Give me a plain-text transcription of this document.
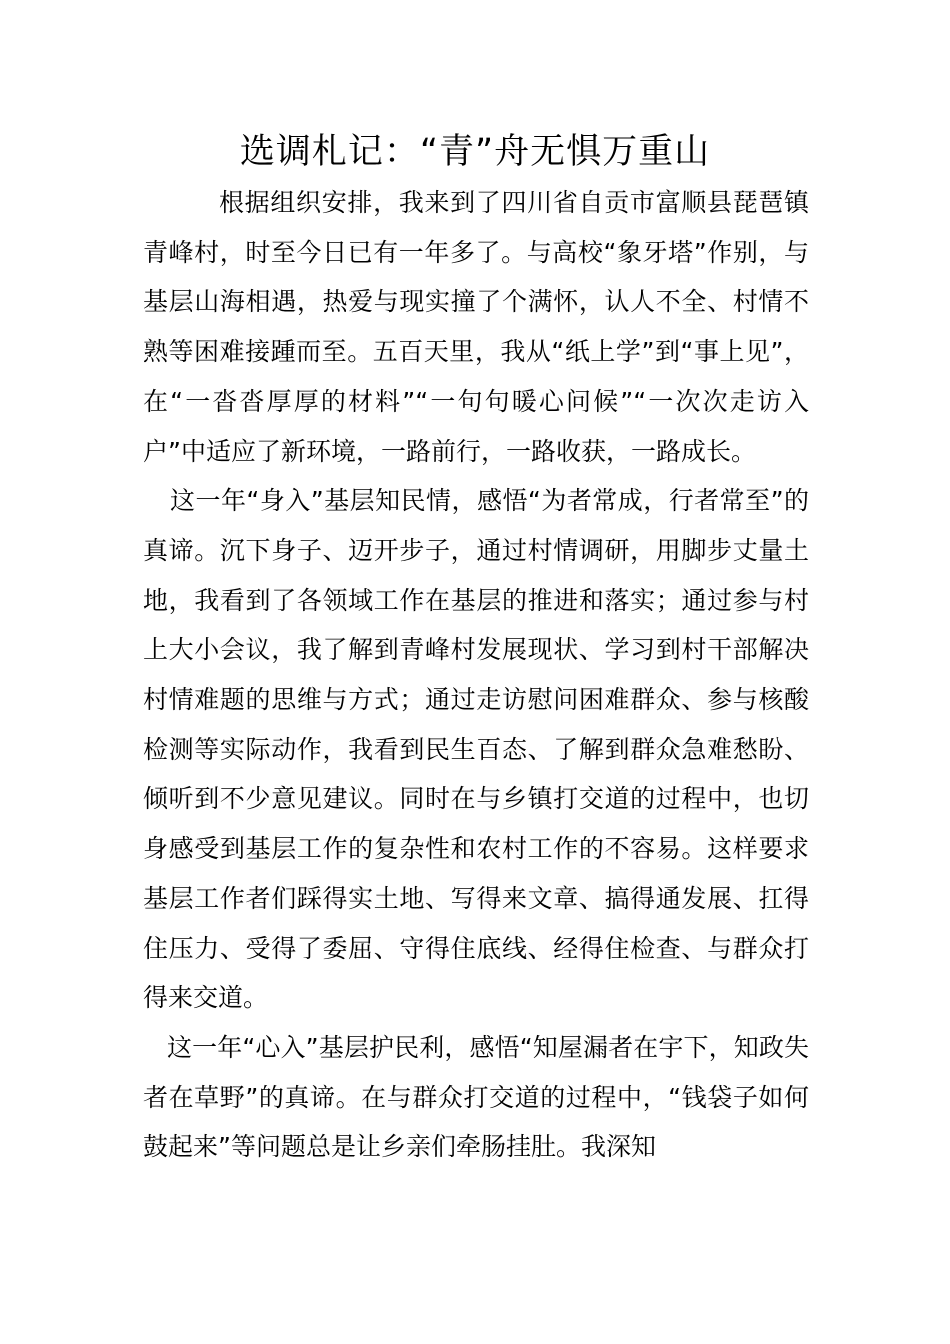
选调札记：“青”舟无惧万重山

根据组织安排，我来到了四川省自贡市富顺县琵琶镇青峰村，时至今日已有一年多了。与高校“象牙塔”作别，与基层山海相遇，热爱与现实撞了个满怀，认人不全、村情不熟等困难接踵而至。五百天里，我从“纸上学”到“事上见”，在“一沓沓厚厚的材料”“一句句暖心问候”“一次次走访入户”中适应了新环境，一路前行，一路收获，一路成长。

这一年“身入”基层知民情，感悟“为者常成，行者常至”的真谛。沉下身子、迈开步子，通过村情调研，用脚步丈量土地，我看到了各领域工作在基层的推进和落实；通过参与村上大小会议，我了解到青峰村发展现状、学习到村干部解决村情难题的思维与方式；通过走访慰问困难群众、参与核酸检测等实际动作，我看到民生百态、了解到群众急难愁盼、倾听到不少意见建议。同时在与乡镇打交道的过程中，也切身感受到基层工作的复杂性和农村工作的不容易。这样要求基层工作者们踩得实土地、写得来文章、搞得通发展、扛得住压力、受得了委屈、守得住底线、经得住检查、与群众打得来交道。

这一年“心入”基层护民利，感悟“知屋漏者在宇下，知政失者在草野”的真谛。在与群众打交道的过程中，“钱袋子如何鼓起来”等问题总是让乡亲们牵肠挂肚。我深知
